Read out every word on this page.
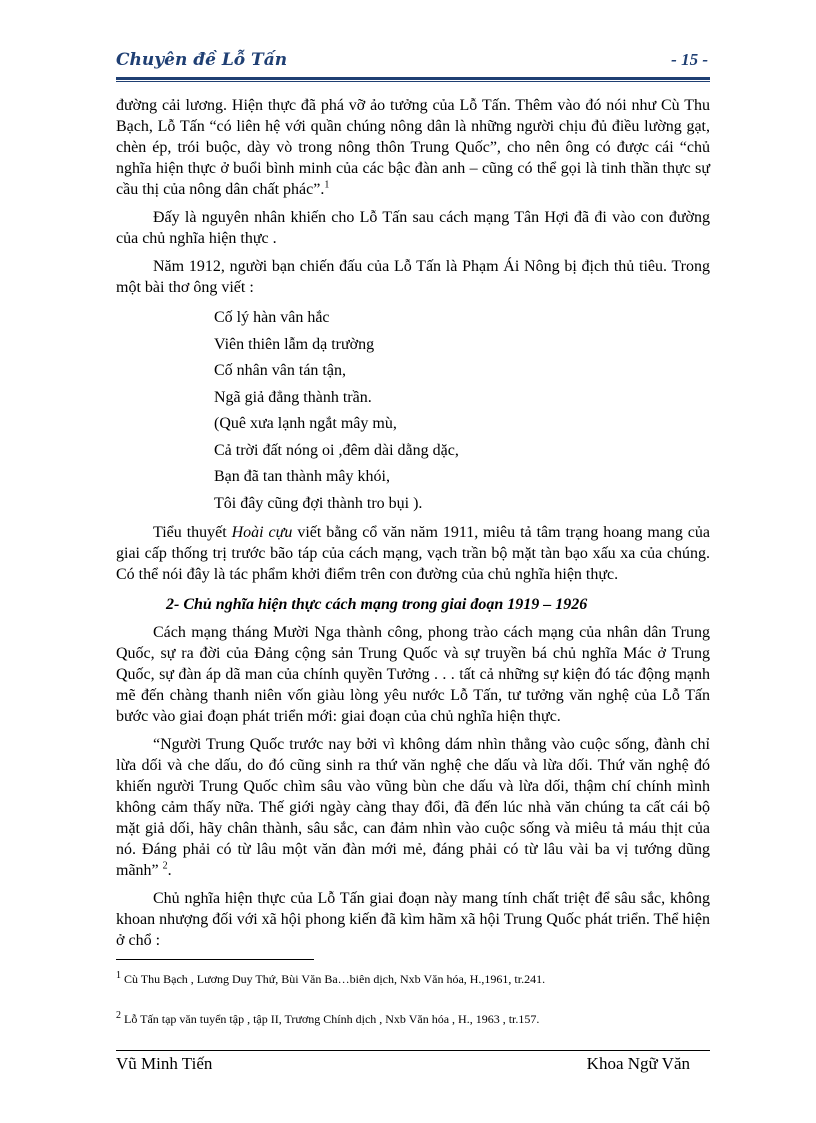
Chuyên đề Lỗ Tấn	- 15 -

đường cải lương. Hiện thực đã phá vỡ ảo tưởng của Lỗ Tấn. Thêm vào đó nói như Cù Thu Bạch, Lỗ Tấn “có liên hệ với quần chúng nông dân là những người chịu đủ điều lường gạt, chèn ép, trói buộc, dày vò trong nông thôn Trung Quốc”, cho nên ông có được cái “chủ nghĩa hiện thực ở buổi bình minh của các bậc đàn anh – cũng có thể gọi là tinh thần thực sự cầu thị của nông dân chất phác”.$^1$

Đấy là nguyên nhân khiến cho Lỗ Tấn sau cách mạng Tân Hợi đã đi vào con đường của chủ nghĩa hiện thực .

Năm 1912, người bạn chiến đấu của Lỗ Tấn là Phạm Ái Nông bị địch thủ tiêu. Trong một bài thơ ông viết :

Cố lý hàn vân hắc
Viên thiên lẫm dạ trường
Cố nhân vân tán tận,
Ngã giả đẳng thành trần.
(Quê xưa lạnh ngắt mây mù,
Cả trời đất nóng oi ,đêm dài dằng dặc,
Bạn đã tan thành mây khói,
Tôi đây cũng đợi thành tro bụi ).

Tiểu thuyết Hoài cựu viết bằng cổ văn năm 1911, miêu tả tâm trạng hoang mang của giai cấp thống trị trước bão táp của cách mạng, vạch trần bộ mặt tàn bạo xấu xa của chúng. Có thể nói đây là tác phẩm khởi điểm trên con đường của chủ nghĩa hiện thực.

2- Chủ nghĩa hiện thực cách mạng trong giai đoạn 1919 – 1926

Cách mạng tháng Mười Nga thành công, phong trào cách mạng của nhân dân Trung Quốc, sự ra đời của Đảng cộng sản Trung Quốc và sự truyền bá chủ nghĩa Mác ở Trung Quốc, sự đàn áp dã man của chính quyền Tưởng . . . tất cả những sự kiện đó tác động mạnh mẽ đến chàng thanh niên vốn giàu lòng yêu nước Lỗ Tấn, tư tưởng văn nghệ của Lỗ Tấn bước vào giai đoạn phát triển mới: giai đoạn của chủ nghĩa hiện thực.

“Người Trung Quốc trước nay bởi vì không dám nhìn thẳng vào cuộc sống, đành chỉ lừa dối và che dấu, do đó cũng sinh ra thứ văn nghệ che dấu và lừa dối. Thứ văn nghệ đó khiến người Trung Quốc chìm sâu vào vũng bùn che dấu và lừa dối, thậm chí chính mình không cảm thấy nữa. Thế giới ngày càng thay đổi, đã đến lúc nhà văn chúng ta cất cái bộ mặt giả dối, hãy chân thành, sâu sắc, can đảm nhìn vào cuộc sống và miêu tả máu thịt của nó. Đáng phải có từ lâu một văn đàn mới mẻ, đáng phải có từ lâu vài ba vị tướng dũng mãnh” $^2$.

Chủ nghĩa hiện thực của Lỗ Tấn giai đoạn này mang tính chất triệt để sâu sắc, không khoan nhượng đối với xã hội phong kiến đã kìm hãm xã hội Trung Quốc phát triển. Thể hiện ở chổ :

$^1$ Cù Thu Bạch , Lương Duy Thứ, Bùi Văn Ba…biên dịch, Nxb Văn hóa, H.,1961, tr.241.
$^2$ Lỗ Tấn tạp văn tuyển tập , tập II, Trương Chính dịch , Nxb Văn hóa , H., 1963 , tr.157.
Vũ Minh Tiến	Khoa Ngữ Văn
